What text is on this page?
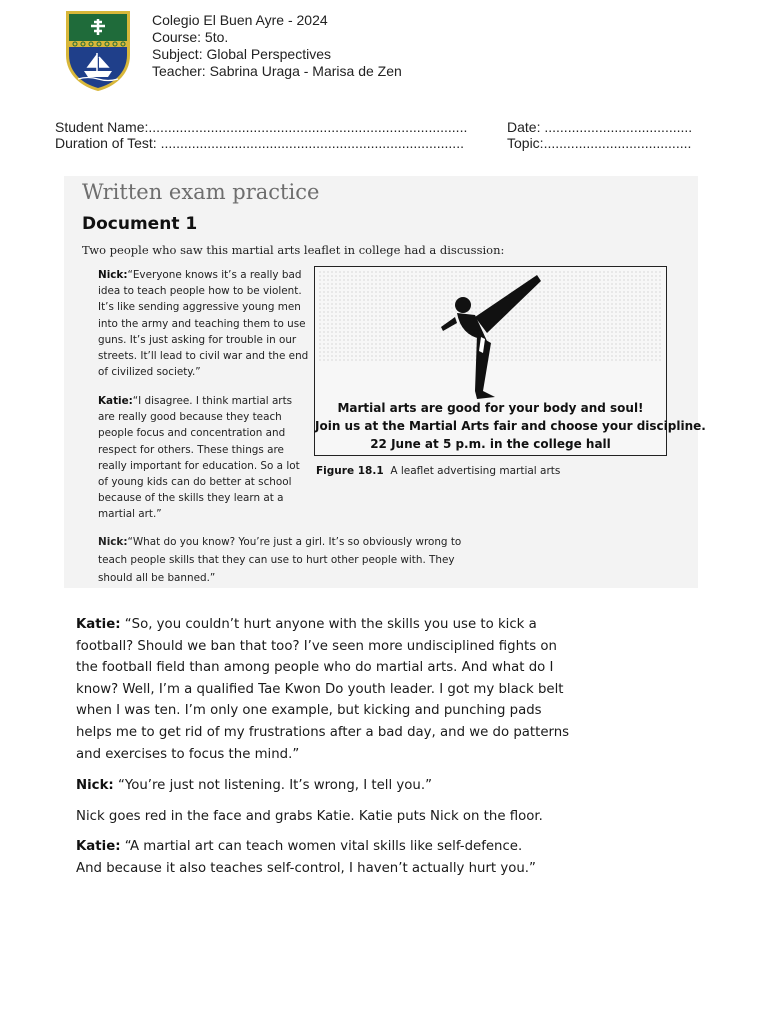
Colegio El Buen Ayre - 2024
Course: 5to.
Subject: Global Perspectives
Teacher: Sabrina Uraga - Marisa de Zen
Student Name:..................................................................................
Duration of Test: ..............................................................................
Date: ......................................
Topic:......................................
Written exam practice
Document 1
Two people who saw this martial arts leaflet in college had a discussion:
Nick:“Everyone knows it’s a really bad
idea to teach people how to be violent.
It’s like sending aggressive young men
into the army and teaching them to use
guns. It’s just asking for trouble in our
streets. It’ll lead to civil war and the end
of civilized society.”
Katie:“I disagree. I think martial arts
are really good because they teach
people focus and concentration and
respect for others. These things are
really important for education. So a lot
of young kids can do better at school
because of the skills they learn at a
martial art.”
Martial arts are good for your body and soul!
Join us at the Martial Arts fair and choose your discipline.
22 June at 5 p.m. in the college hall
Figure 18.1 A leaflet advertising martial arts
Nick:“What do you know? You’re just a girl. It’s so obviously wrong to
teach people skills that they can use to hurt other people with. They
should all be banned.”
Katie: “So, you couldn’t hurt anyone with the skills you use to kick a
football? Should we ban that too? I’ve seen more undisciplined fights on
the football field than among people who do martial arts. And what do I
know? Well, I’m a qualified Tae Kwon Do youth leader. I got my black belt
when I was ten. I’m only one example, but kicking and punching pads
helps me to get rid of my frustrations after a bad day, and we do patterns
and exercises to focus the mind.”
Nick: “You’re just not listening. It’s wrong, I tell you.”
Nick goes red in the face and grabs Katie. Katie puts Nick on the floor.
Katie: “A martial art can teach women vital skills like self-defence.
And because it also teaches self-control, I haven’t actually hurt you.”
